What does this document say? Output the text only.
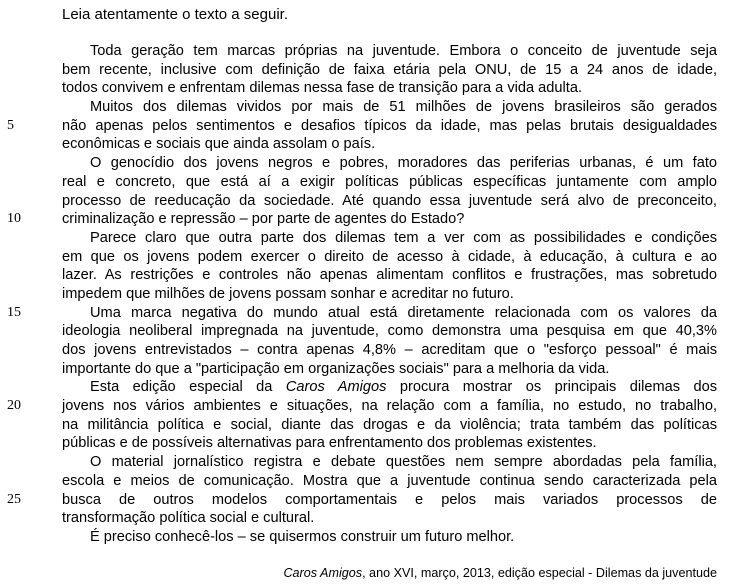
Leia atentamente o texto a seguir.

Toda geração tem marcas próprias na juventude. Embora o conceito de juventude seja
bem recente, inclusive com definição de faixa etária pela ONU, de 15 a 24 anos de idade,
todos convivem e enfrentam dilemas nessa fase de transição para a vida adulta.
Muitos dos dilemas vividos por mais de 51 milhões de jovens brasileiros são gerados
5	não apenas pelos sentimentos e desafios típicos da idade, mas pelas brutais desigualdades
econômicas e sociais que ainda assolam o país.
O genocídio dos jovens negros e pobres, moradores das periferias urbanas, é um fato
real e concreto, que está aí a exigir políticas públicas específicas juntamente com amplo
processo de reeducação da sociedade. Até quando essa juventude será alvo de preconceito,
10	criminalização e repressão – por parte de agentes do Estado?
Parece claro que outra parte dos dilemas tem a ver com as possibilidades e condições
em que os jovens podem exercer o direito de acesso à cidade, à educação, à cultura e ao
lazer. As restrições e controles não apenas alimentam conflitos e frustrações, mas sobretudo
impedem que milhões de jovens possam sonhar e acreditar no futuro.
15	Uma marca negativa do mundo atual está diretamente relacionada com os valores da
ideologia neoliberal impregnada na juventude, como demonstra uma pesquisa em que 40,3%
dos jovens entrevistados – contra apenas 4,8% – acreditam que o "esforço pessoal" é mais
importante do que a "participação em organizações sociais" para a melhoria da vida.
Esta edição especial da Caros Amigos procura mostrar os principais dilemas dos
20	jovens nos vários ambientes e situações, na relação com a família, no estudo, no trabalho,
na militância política e social, diante das drogas e da violência; trata também das políticas
públicas e de possíveis alternativas para enfrentamento dos problemas existentes.
O material jornalístico registra e debate questões nem sempre abordadas pela família,
escola e meios de comunicação. Mostra que a juventude continua sendo caracterizada pela
25	busca de outros modelos comportamentais e pelos mais variados processos de
transformação política social e cultural.
É preciso conhecê-los – se quisermos construir um futuro melhor.

Caros Amigos, ano XVI, março, 2013, edição especial - Dilemas da juventude
